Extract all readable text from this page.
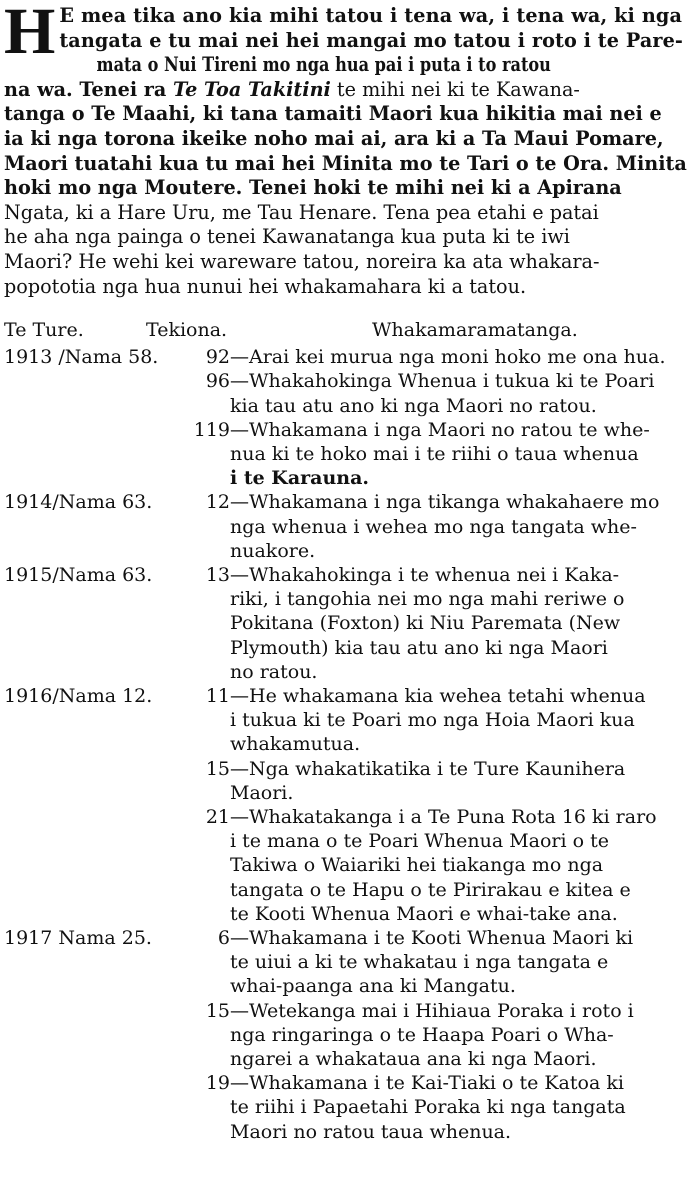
H E mea tika ano kia mihi tatou i tena wa, i tena wa, ki nga
tangata e tu mai nei hei mangai mo tatou i roto i te Pare-
mata o Nui Tireni mo nga hua pai i puta i to ratou
na wa. Tenei ra Te Toa Takitini te mihi nei ki te Kawana-
tanga o Te Maahi, ki tana tamaiti Maori kua hikitia mai nei e
ia ki nga torona ikeike noho mai ai, ara ki a Ta Maui Pomare,
Maori tuatahi kua tu mai hei Minita mo te Tari o te Ora. Minita
hoki mo nga Moutere. Tenei hoki te mihi nei ki a Apirana
Ngata, ki a Hare Uru, me Tau Henare. Tena pea etahi e patai
he aha nga painga o tenei Kawanatanga kua puta ki te iwi
Maori? He wehi kei wareware tatou, noreira ka ata whakara-
popototia nga hua nunui hei whakamahara ki a tatou.
Te Ture.	Tekiona.	Whakamaramatanga.
1913 /Nama 58. 92 —Arai kei murua nga moni hoko me ona hua.
96 —Whakahokinga Whenua i tukua ki te Poari
kia tau atu ano ki nga Maori no ratou.
119 —Whakamana i nga Maori no ratou te whe-
nua ki te hoko mai i te riihi o taua whenua
i te Karauna.
1914/Nama 63.	12 —Whakamana i nga tikanga whakahaere mo
nga whenua i wehea mo nga tangata whe-
nuakore.
1915/Nama 63.	13 —Whakahokinga i te whenua nei i Kaka-
riki, i tangohia nei mo nga mahi reriwe o
Pokitana (Foxton) ki Niu Paremata (New
Plymouth) kia tau atu ano ki nga Maori
no ratou.
1916/Nama 12.	11 —He whakamana kia wehea tetahi whenua
i tukua ki te Poari mo nga Hoia Maori kua
whakamutua.
15 —Nga whakatikatika i te Ture Kaunihera
Maori.
21 —Whakatakanga i a Te Puna Rota 16 ki raro
i te mana o te Poari Whenua Maori o te
Takiwa o Waiariki hei tiakanga mo nga
tangata o te Hapu o te Pirirakau e kitea e
te Kooti Whenua Maori e whai-take ana.
1917 Nama 25.	6 —Whakamana i te Kooti Whenua Maori ki
te uiui a ki te whakatau i nga tangata e
whai-paanga ana ki Mangatu.
15 —Wetekanga mai i Hihiaua Poraka i roto i
nga ringaringa o te Haapa Poari o Wha-
ngarei a whakataua ana ki nga Maori.
19 —Whakamana i te Kai-Tiaki o te Katoa ki
te riihi i Papaetahi Poraka ki nga tangata
Maori no ratou taua whenua.
